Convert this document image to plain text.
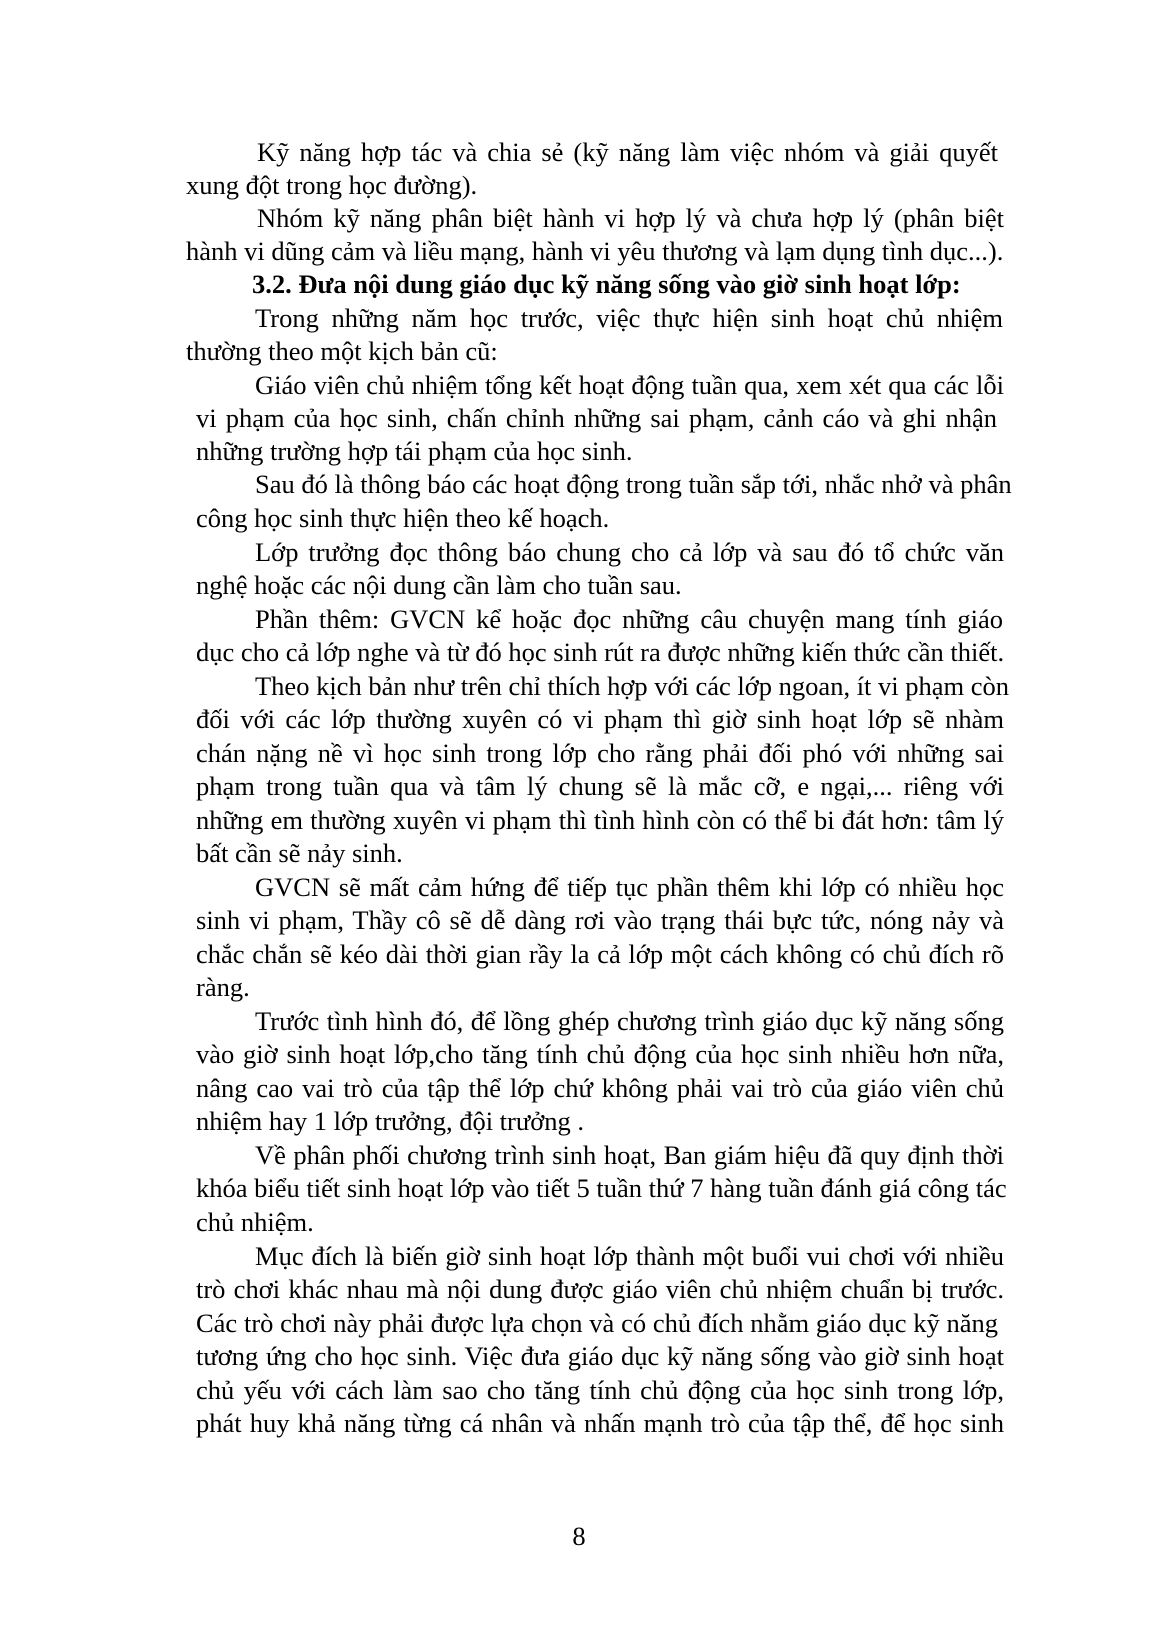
Kỹ năng hợp tác và chia sẻ (kỹ năng làm việc nhóm và giải quyết
xung đột trong học đường).
Nhóm kỹ năng phân biệt hành vi hợp lý và chưa hợp lý (phân biệt
hành vi dũng cảm và liều mạng, hành vi yêu thương và lạm dụng tình dục...).
3.2. Đưa nội dung giáo dục kỹ năng sống vào giờ sinh hoạt lớp:
Trong những năm học trước, việc thực hiện sinh hoạt chủ nhiệm
thường theo một kịch bản cũ:
Giáo viên chủ nhiệm tổng kết hoạt động tuần qua, xem xét qua các lỗi
vi phạm của học sinh, chấn chỉnh những sai phạm, cảnh cáo và ghi nhận
những trường hợp tái phạm của học sinh.
Sau đó là thông báo các hoạt động trong tuần sắp tới, nhắc nhở và phân
công học sinh thực hiện theo kế hoạch.
Lớp trưởng đọc thông báo chung cho cả lớp và sau đó tổ chức văn
nghệ hoặc các nội dung cần làm cho tuần sau.
Phần thêm: GVCN kể hoặc đọc những câu chuyện mang tính giáo
dục cho cả lớp nghe và từ đó học sinh rút ra được những kiến thức cần thiết.
Theo kịch bản như trên chỉ thích hợp với các lớp ngoan, ít vi phạm còn
đối với các lớp thường xuyên có vi phạm thì giờ sinh hoạt lớp sẽ nhàm
chán nặng nề vì học sinh trong lớp cho rằng phải đối phó với những sai
phạm trong tuần qua và tâm lý chung sẽ là mắc cỡ, e ngại,... riêng với
những em thường xuyên vi phạm thì tình hình còn có thể bi đát hơn: tâm lý
bất cần sẽ nảy sinh.
GVCN sẽ mất cảm hứng để tiếp tục phần thêm khi lớp có nhiều học
sinh vi phạm, Thầy cô sẽ dễ dàng rơi vào trạng thái bực tức, nóng nảy và
chắc chắn sẽ kéo dài thời gian rầy la cả lớp một cách không có chủ đích rõ
ràng.
Trước tình hình đó, để lồng ghép chương trình giáo dục kỹ năng sống
vào giờ sinh hoạt lớp,cho tăng tính chủ động của học sinh nhiều hơn nữa,
nâng cao vai trò của tập thể lớp chứ không phải vai trò của giáo viên chủ
nhiệm hay 1 lớp trưởng, đội trưởng .
Về phân phối chương trình sinh hoạt, Ban giám hiệu đã quy định thời
khóa biểu tiết sinh hoạt lớp vào tiết 5 tuần thứ 7 hàng tuần đánh giá công tác
chủ nhiệm.
Mục đích là biến giờ sinh hoạt lớp thành một buổi vui chơi với nhiều
trò chơi khác nhau mà nội dung được giáo viên chủ nhiệm chuẩn bị trước.
Các trò chơi này phải được lựa chọn và có chủ đích nhằm giáo dục kỹ năng
tương ứng cho học sinh. Việc đưa giáo dục kỹ năng sống vào giờ sinh hoạt
chủ yếu với cách làm sao cho tăng tính chủ động của học sinh trong lớp,
phát huy khả năng từng cá nhân và nhấn mạnh trò của tập thể, để học sinh
8
